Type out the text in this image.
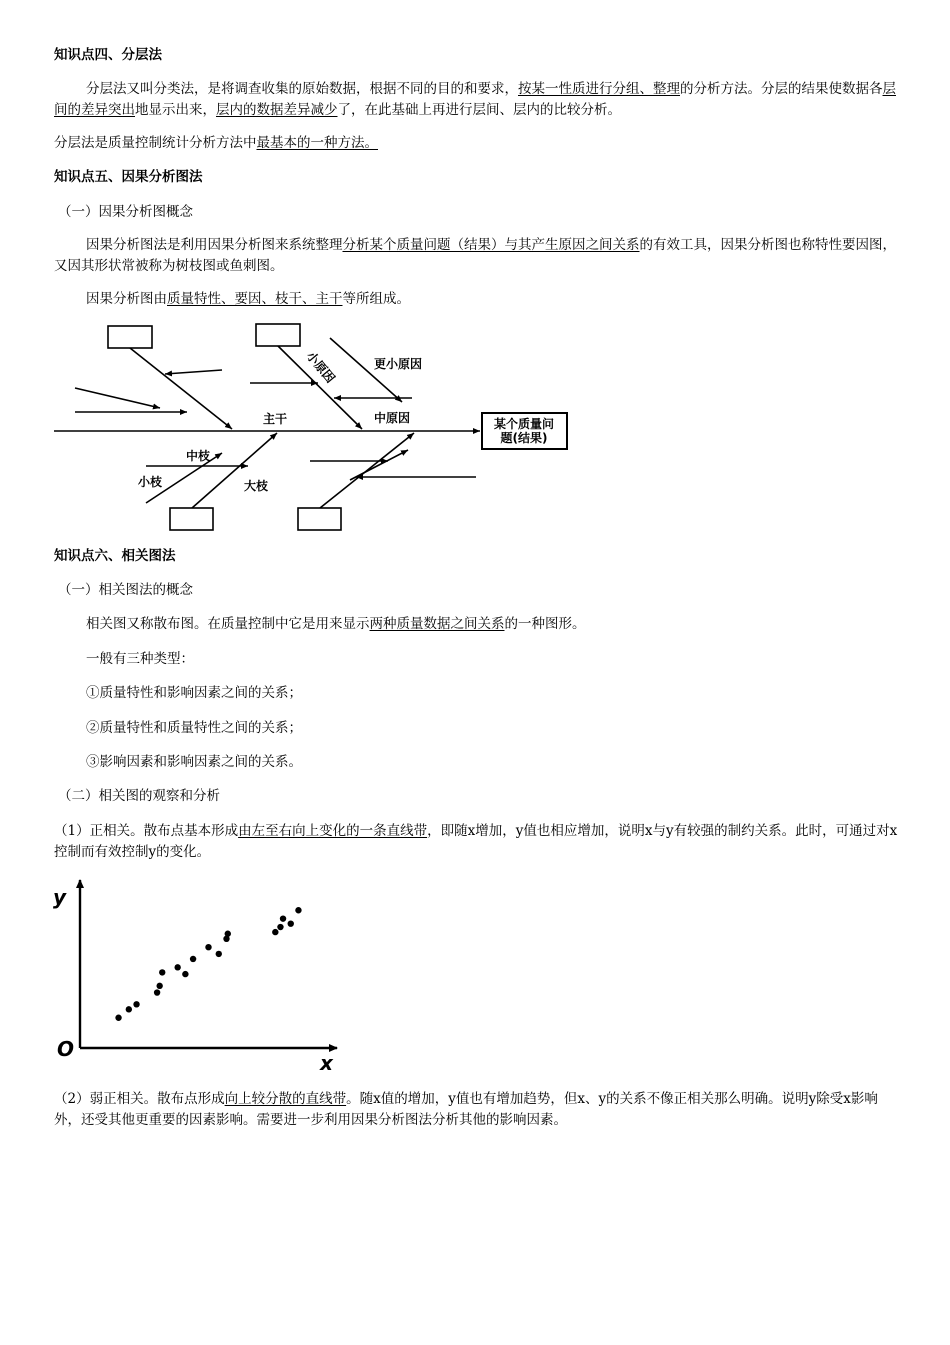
知识点四、分层法

分层法又叫分类法，是将调查收集的原始数据，根据不同的目的和要求，按某一性质进行分组、整理的分析方法。分层的结果使数据各层间的差异突出地显示出来，层内的数据差异减少了，在此基础上再进行层间、层内的比较分析。

分层法是质量控制统计分析方法中最基本的一种方法。

知识点五、因果分析图法
（一）因果分析图概念

因果分析图法是利用因果分析图来系统整理分析某个质量问题（结果）与其产生原因之间关系的有效工具，因果分析图也称特性要因图，又因其形状常被称为树枝图或鱼刺图。

因果分析图由质量特性、要因、枝干、主干等所组成。

小原因	更小原因
主干	中原因	某个质量问
题(结果)
中枝
小枝	大枝
知识点六、相关图法
（一）相关图法的概念

相关图又称散布图。在质量控制中它是用来显示两种质量数据之间关系的一种图形。

一般有三种类型：
①质量特性和影响因素之间的关系；
②质量特性和质量特性之间的关系；
③影响因素和影响因素之间的关系。
（二）相关图的观察和分析

（1）正相关。散布点基本形成由左至右向上变化的一条直线带，即随x增加，y值也相应增加，说明x与y有较强的制约关系。此时，可通过对x控制而有效控制y的变化。

y
x
O

（2）弱正相关。散布点形成向上较分散的直线带。随x值的增加，y值也有增加趋势，但x、y的关系不像正相关那么明确。说明y除受x影响外，还受其他更重要的因素影响。需要进一步利用因果分析图法分析其他的影响因素。
